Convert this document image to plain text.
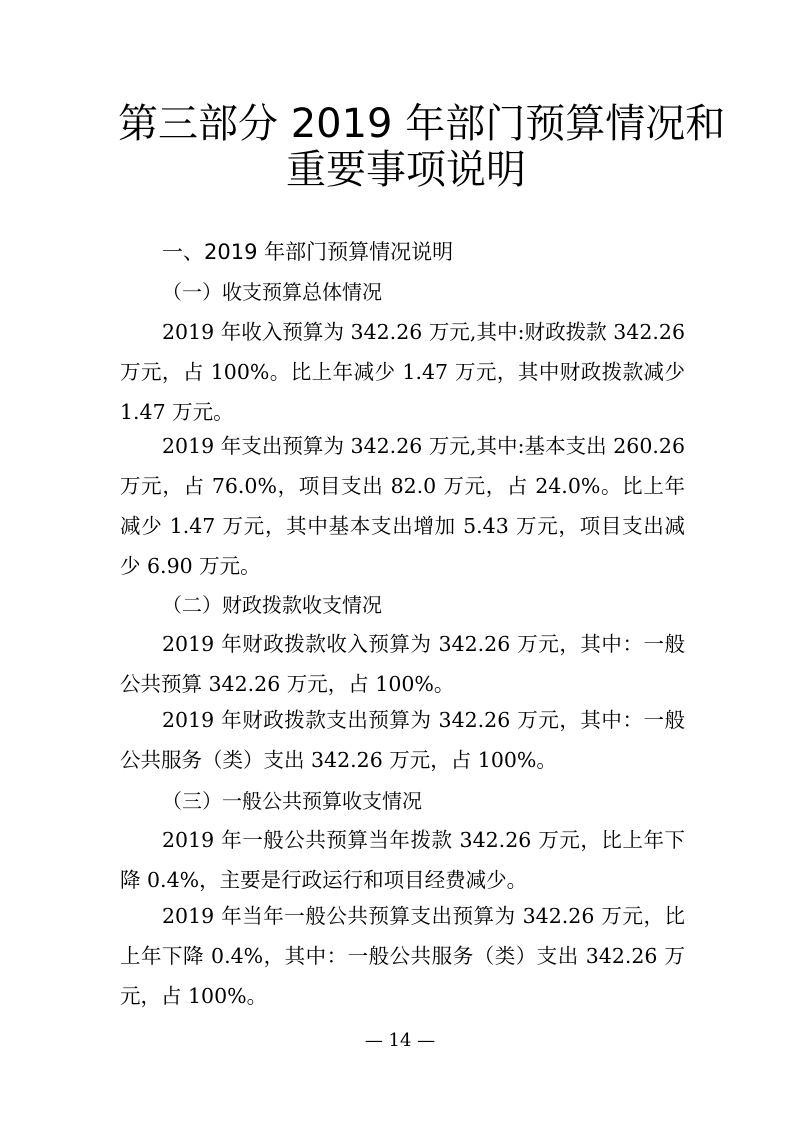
第三部分 2019 年部门预算情况和
重要事项说明
一、2019 年部门预算情况说明
（一）收支预算总体情况
2019 年收入预算为 342.26 万元,其中:财政拨款 342.26 万元，占 100%。比上年减少 1.47 万元，其中财政拨款减少 1.47 万元。
2019 年支出预算为 342.26 万元,其中:基本支出 260.26 万元，占 76.0%，项目支出 82.0 万元，占 24.0%。比上年减少 1.47 万元，其中基本支出增加 5.43 万元，项目支出减少 6.90 万元。
（二）财政拨款收支情况
2019 年财政拨款收入预算为 342.26 万元，其中：一般公共预算 342.26 万元，占 100%。
2019 年财政拨款支出预算为 342.26 万元，其中：一般公共服务（类）支出 342.26 万元，占 100%。
（三）一般公共预算收支情况
2019 年一般公共预算当年拨款 342.26 万元，比上年下降 0.4%，主要是行政运行和项目经费减少。
2019 年当年一般公共预算支出预算为 342.26 万元，比上年下降 0.4%，其中：一般公共服务（类）支出 342.26 万元，占 100%。
— 14 —
